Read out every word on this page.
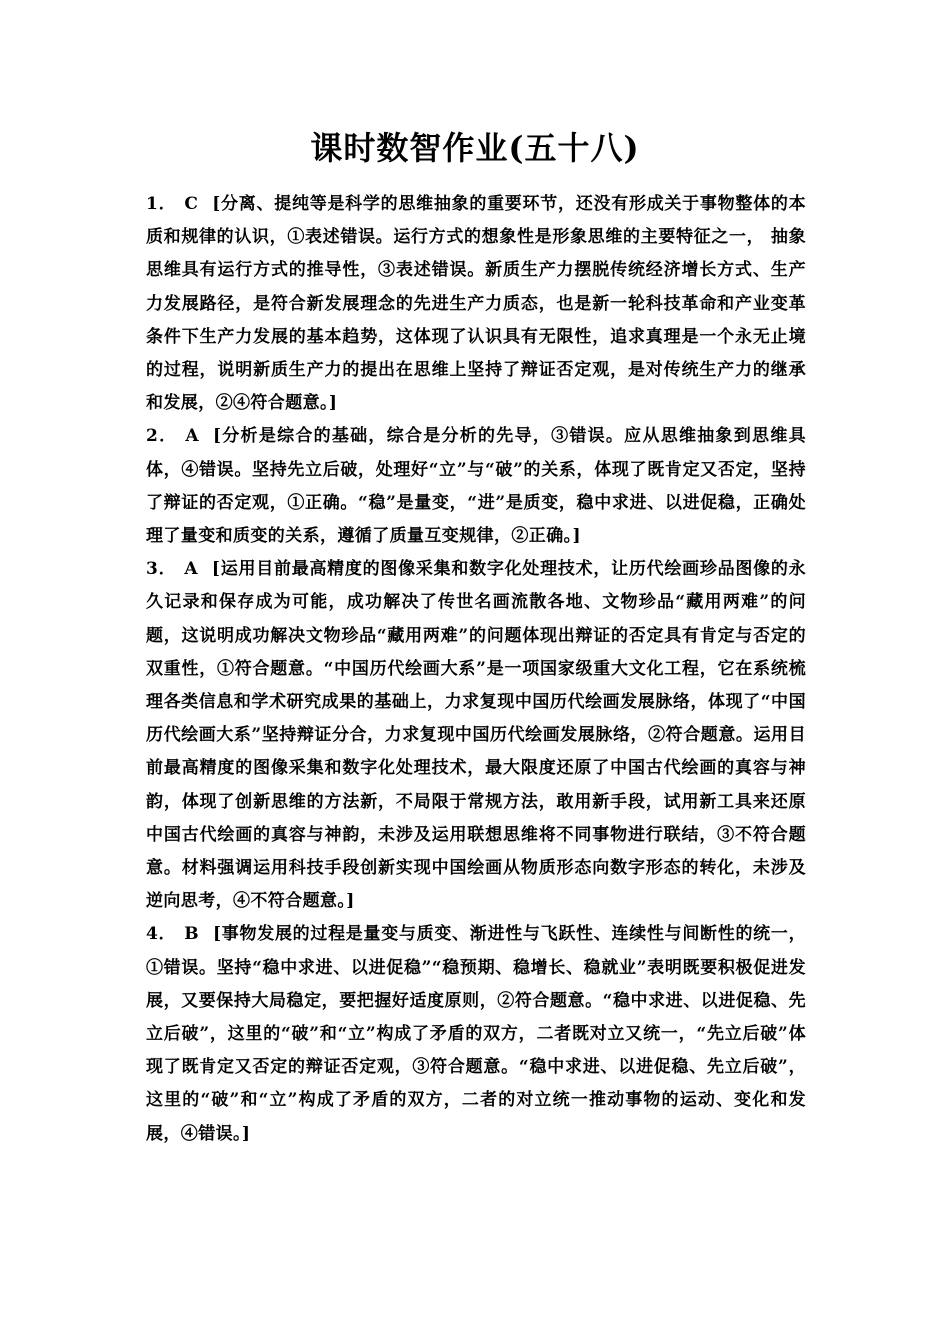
课时数智作业(五十八)

1． C [分离、提纯等是科学的思维抽象的重要环节，还没有形成关于事物整体的本质和规律的认识，①表述错误。运行方式的想象性是形象思维的主要特征之一， 抽象思维具有运行方式的推导性，③表述错误。新质生产力摆脱传统经济增长方式、生产力发展路径，是符合新发展理念的先进生产力质态，也是新一轮科技革命和产业变革条件下生产力发展的基本趋势，这体现了认识具有无限性，追求真理是一个永无止境的过程，说明新质生产力的提出在思维上坚持了辩证否定观，是对传统生产力的继承和发展，②④符合题意。]

2． A [分析是综合的基础，综合是分析的先导，③错误。应从思维抽象到思维具体，④错误。坚持先立后破，处理好“立”与“破”的关系，体现了既肯定又否定，坚持了辩证的否定观，①正确。“稳”是量变，“进”是质变，稳中求进、以进促稳，正确处理了量变和质变的关系，遵循了质量互变规律，②正确。]

3． A [运用目前最高精度的图像采集和数字化处理技术，让历代绘画珍品图像的永久记录和保存成为可能，成功解决了传世名画流散各地、文物珍品“藏用两难”的问题，这说明成功解决文物珍品“藏用两难”的问题体现出辩证的否定具有肯定与否定的双重性，①符合题意。“中国历代绘画大系”是一项国家级重大文化工程，它在系统梳理各类信息和学术研究成果的基础上，力求复现中国历代绘画发展脉络，体现了“中国历代绘画大系”坚持辩证分合，力求复现中国历代绘画发展脉络，②符合题意。运用目前最高精度的图像采集和数字化处理技术，最大限度还原了中国古代绘画的真容与神韵，体现了创新思维的方法新，不局限于常规方法，敢用新手段，试用新工具来还原中国古代绘画的真容与神韵，未涉及运用联想思维将不同事物进行联结，③不符合题意。材料强调运用科技手段创新实现中国绘画从物质形态向数字形态的转化，未涉及逆向思考，④不符合题意。]

4． B [事物发展的过程是量变与质变、渐进性与飞跃性、连续性与间断性的统一，①错误。坚持“稳中求进、以进促稳”“稳预期、稳增长、稳就业”表明既要积极促进发展，又要保持大局稳定，要把握好适度原则，②符合题意。“稳中求进、以进促稳、先立后破”，这里的“破”和“立”构成了矛盾的双方，二者既对立又统一，“先立后破”体现了既肯定又否定的辩证否定观，③符合题意。“稳中求进、以进促稳、先立后破”，这里的“破”和“立”构成了矛盾的双方，二者的对立统一推动事物的运动、变化和发展，④错误。]
